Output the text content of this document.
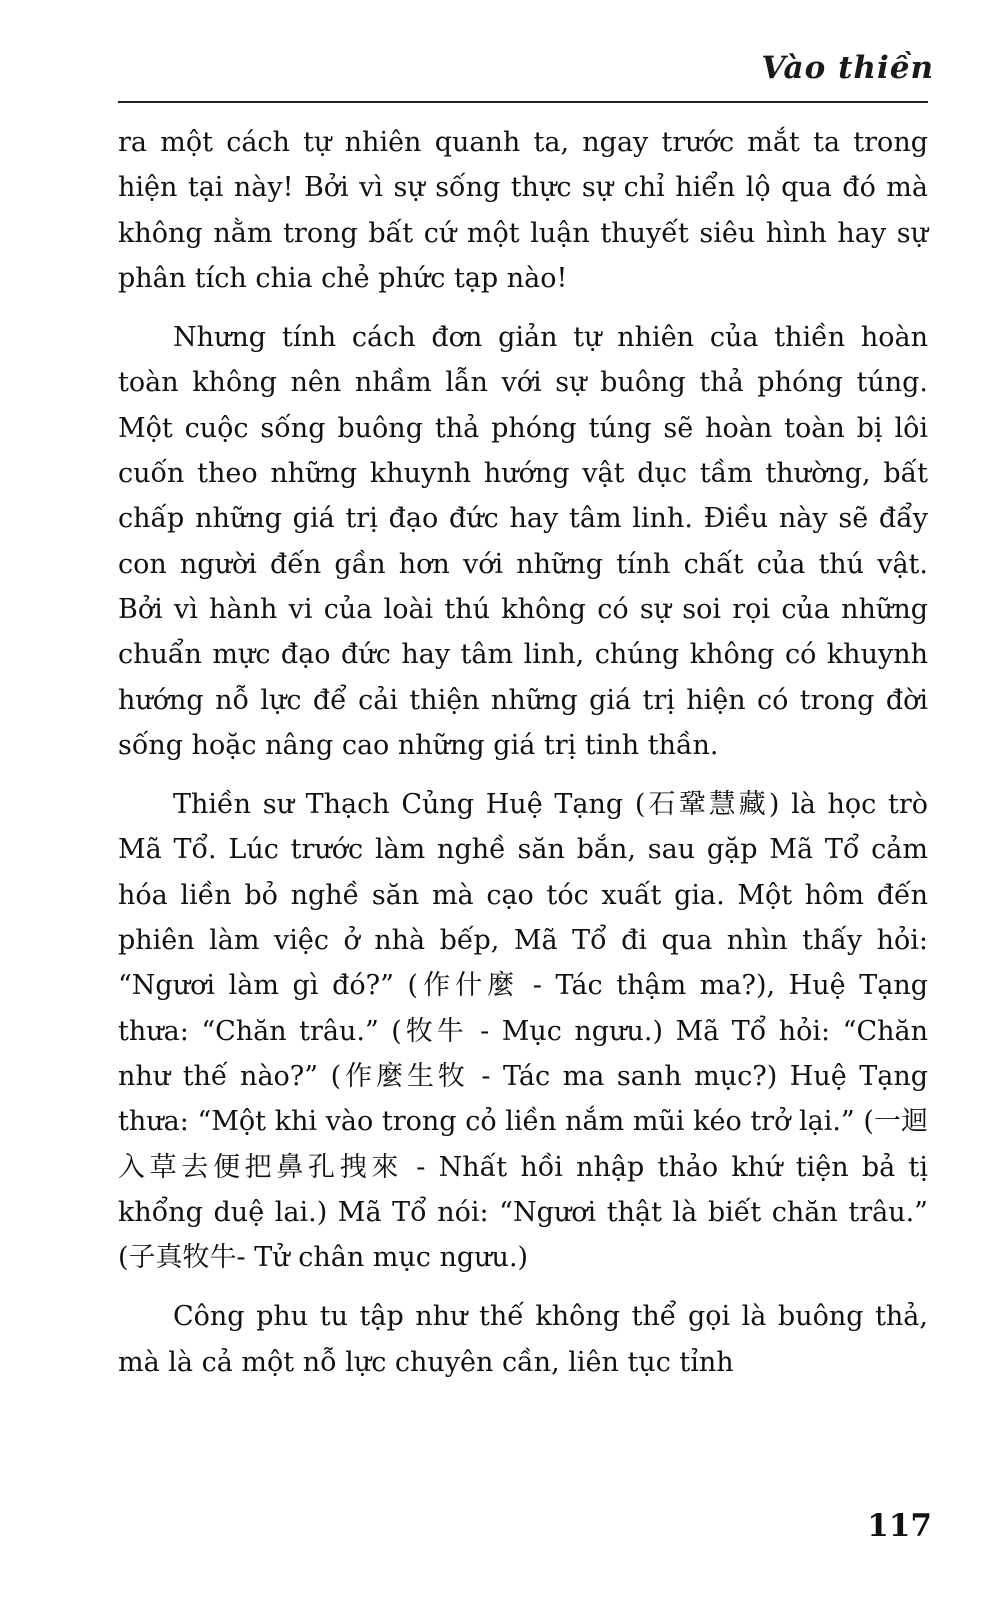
Vào thiền

ra một cách tự nhiên quanh ta, ngay trước mắt ta trong hiện tại này! Bởi vì sự sống thực sự chỉ hiển lộ qua đó mà không nằm trong bất cứ một luận thuyết siêu hình hay sự phân tích chia chẻ phức tạp nào!

Nhưng tính cách đơn giản tự nhiên của thiền hoàn toàn không nên nhầm lẫn với sự buông thả phóng túng. Một cuộc sống buông thả phóng túng sẽ hoàn toàn bị lôi cuốn theo những khuynh hướng vật dục tầm thường, bất chấp những giá trị đạo đức hay tâm linh. Điều này sẽ đẩy con người đến gần hơn với những tính chất của thú vật. Bởi vì hành vi của loài thú không có sự soi rọi của những chuẩn mực đạo đức hay tâm linh, chúng không có khuynh hướng nỗ lực để cải thiện những giá trị hiện có trong đời sống hoặc nâng cao những giá trị tinh thần.

Thiền sư Thạch Củng Huệ Tạng (石鞏慧藏) là học trò Mã Tổ. Lúc trước làm nghề săn bắn, sau gặp Mã Tổ cảm hóa liền bỏ nghề săn mà cạo tóc xuất gia. Một hôm đến phiên làm việc ở nhà bếp, Mã Tổ đi qua nhìn thấy hỏi: “Ngươi làm gì đó?” (作什麼 - Tác thậm ma?), Huệ Tạng thưa: “Chăn trâu.” (牧牛 - Mục ngưu.) Mã Tổ hỏi: “Chăn như thế nào?” (作麼生牧 - Tác ma sanh mục?) Huệ Tạng thưa: “Một khi vào trong cỏ liền nắm mũi kéo trở lại.” (一迴入草去便把鼻孔拽來 - Nhất hồi nhập thảo khứ tiện bả tị khổng duệ lai.) Mã Tổ nói: “Ngươi thật là biết chăn trâu.” (子真牧牛- Tử chân mục ngưu.)

Công phu tu tập như thế không thể gọi là buông thả, mà là cả một nỗ lực chuyên cần, liên tục tỉnh

117
